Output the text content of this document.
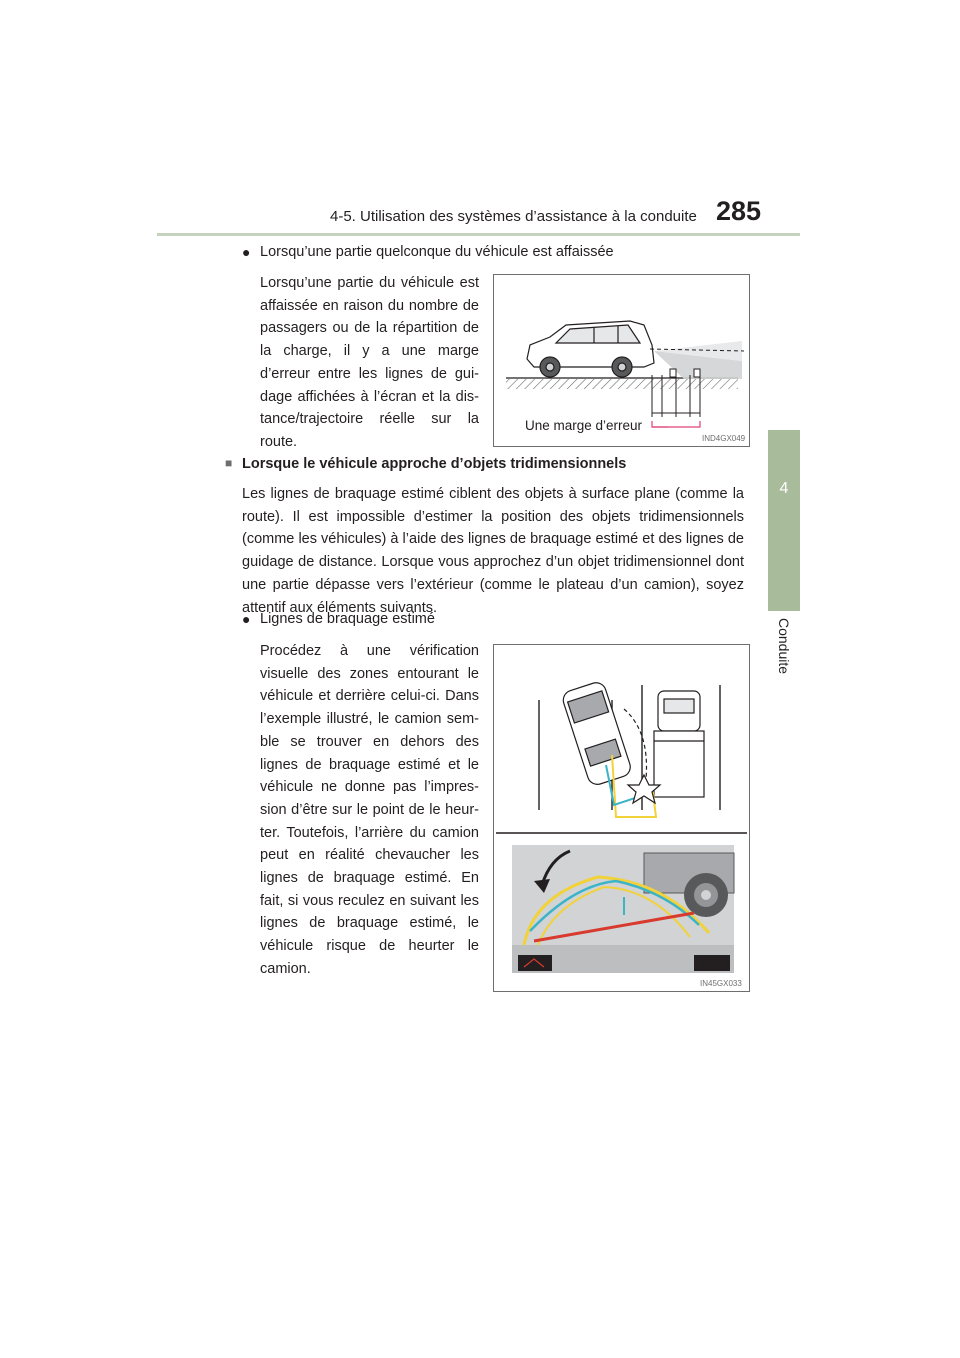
4-5. Utilisation des systèmes d’assistance à la conduite 285
4
Conduite
● Lorsqu’une partie quelconque du véhicule est affaissée
Lorsqu’une partie du véhicule est affaissée en raison du nombre de passagers ou de la répartition de la charge, il y a une marge d’erreur entre les lignes de gui- dage affichées à l’écran et la dis- tance/trajectoire réelle sur la route.
Une marge d’erreur
IND4GX049
■ Lorsque le véhicule approche d’objets tridimensionnels
Les lignes de braquage estimé ciblent des objets à surface plane (comme la route). Il est impossible d’estimer la position des objets tridimensionnels (comme les véhicules) à l’aide des lignes de braquage estimé et des lignes de guidage de distance. Lorsque vous approchez d’un objet tridimensionnel dont une partie dépasse vers l’extérieur (comme le plateau d’un camion), soyez attentif aux éléments suivants.
● Lignes de braquage estimé
Procédez à une vérification visuelle des zones entourant le véhicule et derrière celui-ci. Dans l’exemple illustré, le camion sem- ble se trouver en dehors des lignes de braquage estimé et le véhicule ne donne pas l’impres- sion d’être sur le point de le heur- ter. Toutefois, l’arrière du camion peut en réalité chevaucher les lignes de braquage estimé. En fait, si vous reculez en suivant les lignes de braquage estimé, le véhicule risque de heurter le camion.
IN45GX033
